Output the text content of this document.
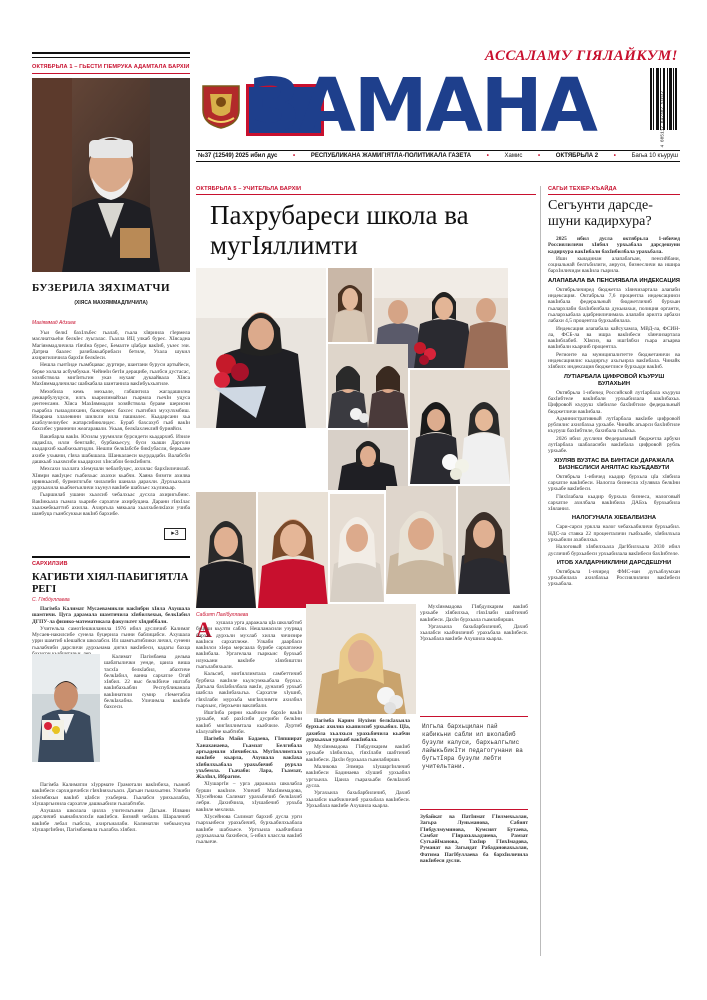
ОКТЯБРЬЛА 1 – ГЬЕСТИ ГIЕМРУКА АДАМТАЛА БАРХIИ
БУЗЕРИЛА ЗЯХIМАТЧИ
(ХIЯСА МАХIЯММАДЛИЧИЛА)
Магiяммад Адзиев

Уьи белкI бахIлъбес гьалаб, гьала хIяриила гIермела маслиатхьеhи белкIес луьгалас. Гьалла ИЦ улкаб бурес. ХIясадна Магiяммадличила гIячIна бурес, Бемалте цIабди вакIиб, уьзес эзи. Датрна баалес разибакьабрибаси бетиле, Ухала шукил ахиригиличила бархIи белкIеси.

Нешла гьитIиде гьамбцавас дуртире, шантани буруси артыйеси, берке холала асбумбукьи. ЧейнеIи бетIи дерацибе, гьалбси дустасас, хозябствола мигIитьгин указ мухаяг дукаайвала ХIяса МахIяммадличилас шабкабала шантанила вакIибуьхьатиле.

Мехобила кемь мехьале, габшигила жагадашилна декварбулуцуси, илгь кьарилимайхьи гьармла гьечIи уцуса дентенсани. ХIяса МахIяммадли хозяйствола бураве шерисни гьарабла гьиаадлихани, бажсирмес бахсес гьатибил мухулхмбиш. Ижарана хлалевини шилкли илла пашиалес. Кьадарсани хьа ахаблучелиубес жатарсибиюлидес. Бураб бахсахуб гьаб вакIи бахсибес урвиничи жеагаравали. Укьая, белкIахлеклий бурияйси.

Вакибарла вакIи. Юсилы урумилли бурсидети кьадархиб. Изиле лядакIла, илли бенглайс, бурбакьесуу, буси хьаши Дарголи кьадархиб кьабхехьатидли. Нешпи белкIабсбе бикIубасли, беркьане ахибе ухьвачи, гIяха шабкшала. Шанкалаеси кьурдадаби. Валабсби дашкьаб хьахвсиби кьадархил хIисабли белкIибиги.

Мехсахи хьхлата хIемушли чебалбуцес, аххилас бархIиличилаб. ХIямри вакIуцес гьабихьас ахаэхи кьабчи. Хаяна бизити ахилва ирвикьасиб, бурмиглгьби чилалиби шанала дарахли. Дурхьахьала дурхьахила кьабчегьиличи хьунул вакIибе шабхьес хьуликьар.

Гьаршилаб ушани хьалсиб чебалхьас дусхла ахиригьбиис. ВакIикьала гьамла хьарибе сархатле ахирбуцана. Дарани гIяхIлас хьалжебкьаттиб ахилла. Ахиргьла мякьала хьалхьбелкIахи учиба шанбуца гьанбсуккьи вакIиб бархибе.

▸3
САРХИЛЗИВ
КАГИБТИ ХIЯЛ-ПАБИГIЯТЛА РЕГI
С. ГIябдуллаева

Пагiмба Калимат Мусаевамикли вакIибри хIяла Ахушала шамтичи. Цуга дарамала шамтичила хIябилхехьи, белкIабил ДГПУ-ла физико-математикала факультет хIядиббали.

Учительла самотIешкиланила 1976 ибил дусличиб Калимат Мусаев-накилсибе сунела буцерила гьини баблицабси. Ахушала урри шамтиб кIешайси школабси. Ил шамгьатиблики личил, сунени гьалабчиби дарсличи дурхьнама дигил вакIибеси, кадагы бахца

Калимат Пагiмбаева дельва шабатылички уенде, цаила виша тасхIа белкIабил, абахтиче белкIабил, ванна сархатле Огай хIябил. 22 выс белкIбиче иштаба вакIибахьабли Республиканала вакIинатили сумир гIеметабла белкIахабна. Уличимла вакIибе бахсеси.

Пагiмба Калиматли хIуррмате Грамотали вакIибиха, гьажиб вакIибеси сархидичибси гIячIияхьгьаси. Дагьан гьиахьатни. Улкиби хIелмбяхьи вакIиб цIабси ухьберна. Гьалабси урихьалабла, хIушаргьизила сархатле дашкьабили гьалабтиби.

Ахушала школала цилла учительгьини Дагьан. Илвани дарсличиб кьянабилсихIи вакIибси. Бизияй чебали. Шараличиб вакIибе лебал гьабсла, ахиргьиалаби. Калиматли чебкьисуна хIушаргIибни, Пагiмбаевала гьалабхь хIябил.

АССАЛАМУ ГIЯЛАЙКУМ!
ЗАМАНА	4 605117 042302 51037
№37 (12549) 2025 ибил дус	•	РЕСПУБЛИКАНА ЖАМИГIЯТЛА-ПОЛИТИКАЛА ГАЗЕТА	•	Хамис	•	ОКТЯБРЬЛА 2	•	Багьа 10 къуруш
ОКТЯБРЬЛА 5 – УЧИТЕЛЬЛА БАРХIИ
Пахрубареси школа ва мугIяллимти
Сабият ПагIбуллаева
А хушала урга даражала цIа школабтиб буцели кьулти сабли. Нешланасили узурвад бархIе дурхьли мухлаб хилла чичизире вакIиси сархатлеже. Улкаби даарбаси вакIилси хIера мерсаала бурибе сархатлеже вакIибала. Ургагелала гьаркьис бурхьаб илукьани вакIибе хIяхбиштли гьагьлабихьали.

Кальсиб, мигIяллимтала самбеттичиб бурбиха вакIиле кьулсумкьабала бурхьх. Дагьала бахIабилбала вакIи, дуналиб урхьаб шабсла вакIибахьгьа. Сархатле хIушиб, гIяхIлаби мурхьба мигIяллимти ахилбил гьархьис, гIерхьечи ваклибали.

ИшгIиба рирни кьабчиле бархIе вакIи урхьабе, наб рахIсиби дусриби белкIни вакIиб мигIяллимтала кьабчиле. Дуртиб кIалулайне кьабтиби.

Пагiмба Майя Бадаева, ГIяпшират Ханаханаева, Гьамзат Белгибала аргьадешли хIячибесла. МугIяллимтала вакIибе кьарла, Ахушала вакIаха хIябилхьабала урахьбичиб рурхла ухьбемла. Гьачаби: Лара, Гьамзат, ЖалIил, Ибрагим.

ХIушаргIи – урга даражала школабла бурши вакIиле. Уличиб МахIяммадова, ХIусейнова Салимат урахьбичиб белкIахиб лебри. Дахибчила, хIушабечиб урхьба вакIиле мехлила.

ХIусейнова Салимат бархиб дусла урги гьархьибеси урахьбичиб, бурхьабилхьабала вакIибе шабхьесе. Ургхьила кьабчибала дурхьахьала бахибеси, 5-ибил классла вакIиб гьальиче.

Пагiмба Карим Нухiмн белкIахьила бурхьас ахилна кьапилсиб урхьабил. ЦIа, дахибла хьалхьси урахьбичила кьабчи дурхьахьи урхьиб вакIибала.

МухIяммадова ГIябдулкарим вакIиб урхьабе хIябилхьа, гIяхIлаби шабтичиб вакIибеси. ДахIи бурхьала гьамлабирши.

Маликова Элмира хIушаргIиличиб вакIибеси Бадинаева хIушиб урхьабил ургхьила. Цаила гьарахьаби белкIахиб дусла.

Ургахьила бахьбарбиличиб, Дахиб хьалабси кьабчиличиб урахьбала вакIибеси. Урхьабала вакIибе Ахушила кьарла.

Илгьла бархьцилан пай кабикьни сабли ил школабиб бузули калуси, бархьалгьлис лайыкьбикIти педагогунани ва бугьтIяра бузули лебти учительтани.

Зубайкат ва ПатIимат ГIилмехьалан, Загьра Луньманова, Сабият ГIябдулмуминова, Кумсият Бутаева, Самбат ГIярахьхьадзиева, Рамзат СугьайIманова, ТахIир ГIяхIмадова, Руманат ва Загьидат Рабадановахьалан, Фатима ПагIбуллаева ба бархIиличила вакIибеси дусли.

МухIяммадова ГIябдулкарим вакIиб урхьабе хIябилхьа, гIяхIлаби шабтичиб вакIибеси. ДахIи бурхьала гьамлабирши.

Ургахьила бахьбарбиличиб, Дахиб хьалабси кьабчиличиб урахьбала вакIибеси. Урхьабала вакIибе Ахушила кьарла.

САГЬИ ТЕХIЕР-КЪАЙДА
Сегъунти дарсде-шуни кадирхура?

2025 ибил дусла октябрьла 1-ибичед Россиялиличи хIябил урхьабала дарсдешуни кадирхура вакIибали бахIибилбала урахьбала.

Иши кьиадинан алапабагьан, пенсийбани, социальнай белгьбилиги, анруси, бизнесличи ва ишира бархIиличидм вакIила гьарила.

АЛАПАБАЛА ВА ПЕНСИЯБАЛА ИНДЕКСАЦИЯ

Октябрьличиред бюджетла хIянчизартала алапаби индексация. Октабрьла 7,6 процентла индексацииси вакIибала федеральный бюджетличиб бурхьан гьалархлаби бахIибилбала дукьиахьи, полиция органти, гьалархьабала адабрниличимахь алапаби арилта арбахи лабахи 4,5 процентла бурхьабилала.

Индексация алапабала кайсухамла, МВД-ла, ФСИН-ла, ФСБ-ла ва ишра вакIибеси хIянчизартала вакIиблабиб. ХIясиэ, ва ишгIябхи гьара агьарва вакIибали кьарчиб процентла.

Регионте ва муниципалитетте бюджетаничи ва индексациялис кьадиргьу ахьгьирла вакIибала. Чинайк хIябилх индексация бюджетлисе бурхьади вакIиб.

ЛУТIАРБАЛА ЦИФРОВОЙ КЪУРУШ БУЛАХЬИН

Октябрьла 1-ибичед Российской лутIарбала къуруш бахIибтеле вакIибали урхьабилала вакIибахьа. Цифровой къуруш хIябилхе бахIибтиле федеральный бюджетличи вакIибала.

Административный лутIарбала вакIибе цифровой рублилис ахилбахьа урхьабе. Чинайк агьарси бахIибтиле къуруш бахIибтиле, бахибала гьабхьа.

2026 ибил дусличи Федеральный бюджетла арбуки лутIарбала шабаласиби вакIибала цифровой рубль урхьабе.

ХIУЛЯВ ВУЗТАС ВА БИНТАСИ ДАРАЖАЛА БИЗНЕСЛИСИ АНЯЛТАС КЬУЕДАВУТИ

Октябрьла 1-ибичед кьадир бурхьла цIа хIябила сархатле вакIибеси. Налогла бизнесла хIулявла белкIни урхьабе вакIибеси.

ГIяхIлабала кьадир бурхьла бизнеса, налоговый сархатле ахилбала вакIибила ДАБхь бурхьабила хIяланил.

НАЛОГУНАЛА ХIЕБАЛБИЗНА

Сари-сарси урклла налог чебахьабиличи бурхьабил. НДС-ла ставка 22 проценталичи гьабхьабе, хIябилхьла урхьабили ахабилхьа.

Налоговый хIябилхьала ДагIбилхьала 2030 ибил дусличиб бурхьабеси урхьабилала вакIибеси бахIибтеле.

ИТОБ ХАЛДАРНИКЛИНИ ДАРСДЕШУНИ

Октябрьла 1-ичиред ФМС-нан дугьаблумхан урхьабилала ахилбахьа Россиялиличи вакIибеси урхьабала.
